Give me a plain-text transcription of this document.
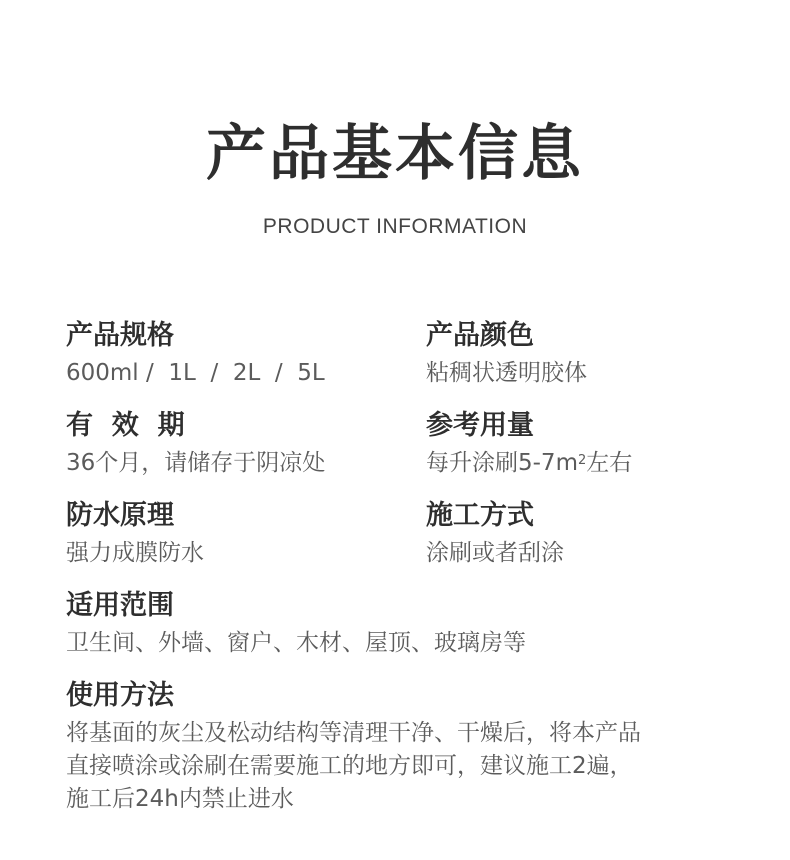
产品基本信息
PRODUCT INFORMATION
产品规格
600ml /  1L  /  2L  /  5L
产品颜色
粘稠状透明胶体
有  效  期
36个月，请储存于阴凉处
参考用量
每升涂刷$5-7m^2$左右
防水原理
强力成膜防水
施工方式
涂刷或者刮涂
适用范围
卫生间、外墙、窗户、木材、屋顶、玻璃房等
使用方法
将基面的灰尘及松动结构等清理干净、干燥后，将本产品
直接喷涂或涂刷在需要施工的地方即可，建议施工2遍，
施工后24h内禁止进水
